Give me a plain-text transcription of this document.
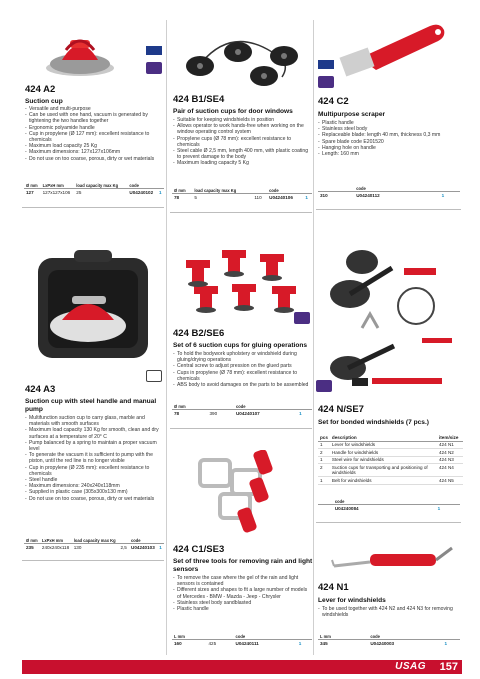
424 A2
Suction cup
- Versatile and multi-purpose
- Can be used with one hand, vacuum is generated by tightening the two handles together
- Ergonomic polyamide handle
- Cup in propylene (Ø 127 mm): excellent resistance to chemicals
- Maximum load capacity 25 Kg
- Maximum dimensions: 127x127x106mm
- Do not use on too coarse, porous, dirty or wet materials
Ø mm	LxPxH mm	load capacity max Kg		code	
127	127x127x106	25		U04240102	1
424 A3
Suction cup with steel handle and manual pump
- Multifunction suction cup to carry glass, marble and materials with smooth surfaces
- Maximum load capacity 130 Kg for smooth, clean and dry surfaces at a temperature of 20° C
- Pump balanced by a spring to maintain a proper vacuum level
- To generate the vacuum it is sufficient to pump with the piston, until the red line is no longer visible
- Cup in propylene (Ø 235 mm): excellent resistance to chemicals
- Steel handle
- Maximum dimensions: 240x240x118mm
- Supplied in plastic case (305x300x130 mm)
- Do not use on too coarse, porous, dirty or wet materials
Ø mm	LxPxH mm	load capacity max Kg		code	
235	240x240x118	130	2,5	U04240103	1
424 B1/SE4
Pair of suction cups for door windows
- Suitable for keeping windshields in position
- Allows operator to work hands-free when working on the window operating control system
- Propylene cups (Ø 78 mm): excellent resistance to chemicals
- Steel cable Ø 2,5 mm, length 400 mm, with plastic coating to prevent damage to the body
- Maximum loading capacity 5 Kg
Ø mm	load capacity max Kg		code	
78	5	110	U04240106	1
424 B2/SE6
Set of 6 suction cups for gluing operations
- To hold the bodywork upholstery or windshield during gluing/drying operations
- Central screw to adjust pression on the glued parts
- Cups in propylene (Ø 78 mm): excellent resistance to chemicals
- ABS body to avoid damages on the parts to be assembled
Ø mm		code	
78	390	U04240107	1
424 C1/SE3
Set of three tools for removing rain and light sensors
- To remove the case where the gel of the rain and light sensors is contained
- Different sizes and shapes to fit a large number of models of Mercedes - BMW - Mazda - Jeep - Chrysler
- Stainless steel body sandblasted
- Plastic handle
L mm		code	
160	425	U04240111	1
424 C2
Multipurpose scraper
- Plastic handle
- Stainless steel body
- Replaceable blade: length 40 mm, thickness 0,3 mm
- Spare blade code E201520
- Hanging hole on handle
- Length: 160 mm
	code	
310	U04240112	1
424 N/SE7
Set for bonded windshields (7 pcs.)
pcs	description	item/size
1	Lever for windshields	424 N1
2	Handle for windshields	424 N2
1	Steel wire for windshields	424 N3
2	Suction cups for transporting and positioning of windshields	424 N4
1	Belt for windshields	424 N5
	code	
	U04240084	1
424 N1
Lever for windshields
- To be used together with 424 N2 and 424 N3 for removing windshields
L mm		code	
345		U04240003	1
USAG 157
